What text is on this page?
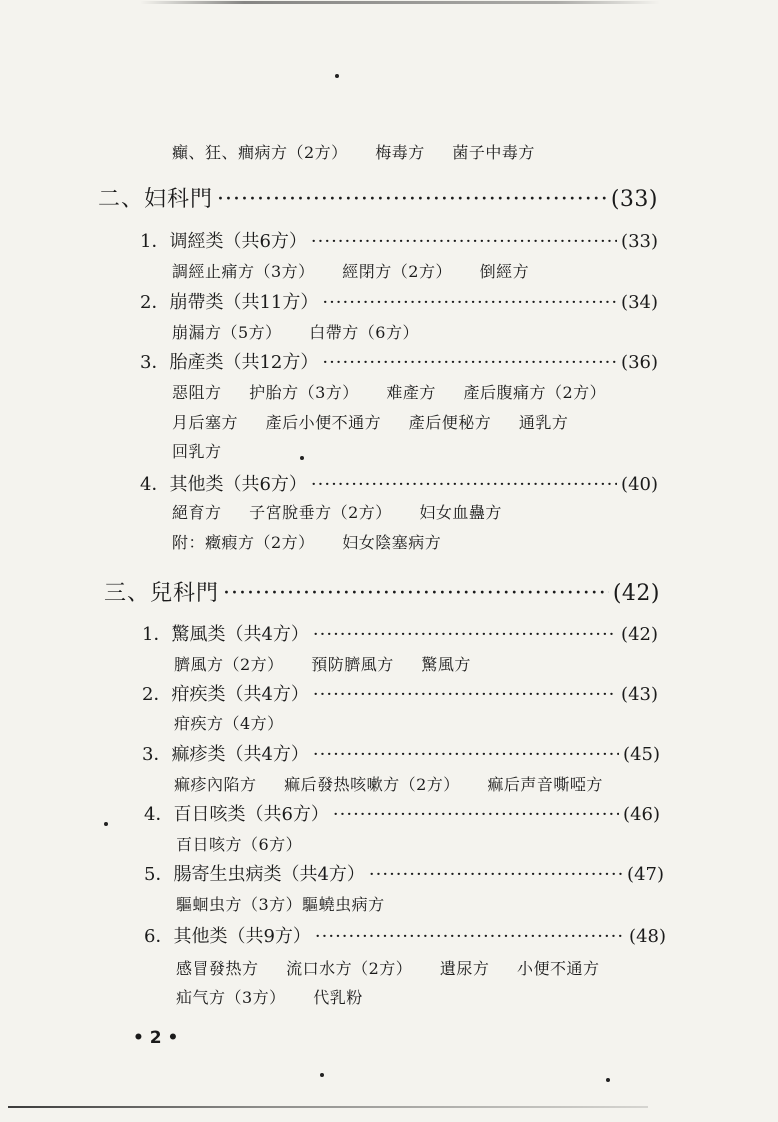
癲、狂、癎病方（2方） 梅毒方 菌子中毒方
二、妇科門 ·····	(33)
1．调經类（共6方） ·····	(33)
調經止痛方（3方） 經閉方（2方） 倒經方
2．崩帶类（共11方） ·····	(34)
崩漏方（5方） 白帶方（6方）
3．胎產类（共12方） ·····	(36)
惡阻方 护胎方（3方） 难產方 產后腹痛方（2方）
月后塞方 產后小便不通方 產后便秘方 通乳方
回乳方
4．其他类（共6方） ·····	(40)
絕育方 子宮脫垂方（2方） 妇女血蠱方
附：癥瘕方（2方） 妇女陰塞病方
三、兒科門 ·····	(42)
1．驚風类（共4方） ·····	(42)
臍風方（2方） 預防臍風方 驚風方
2．疳疾类（共4方） ·····	(43)
疳疾方（4方）
3．痲疹类（共4方） ·····	(45)
痲疹內陷方 痲后發热咳嗽方（2方） 痲后声音嘶啞方
4．百日咳类（共6方） ·····	(46)
百日咳方（6方）
5．腸寄生虫病类（共4方） ·····	(47)
驅蛔虫方（3方）驅蟯虫病方
6．其他类（共9方） ·····	(48)
感冒發热方 流口水方（2方） 遺尿方 小便不通方
疝气方（3方） 代乳粉
• 2 •
